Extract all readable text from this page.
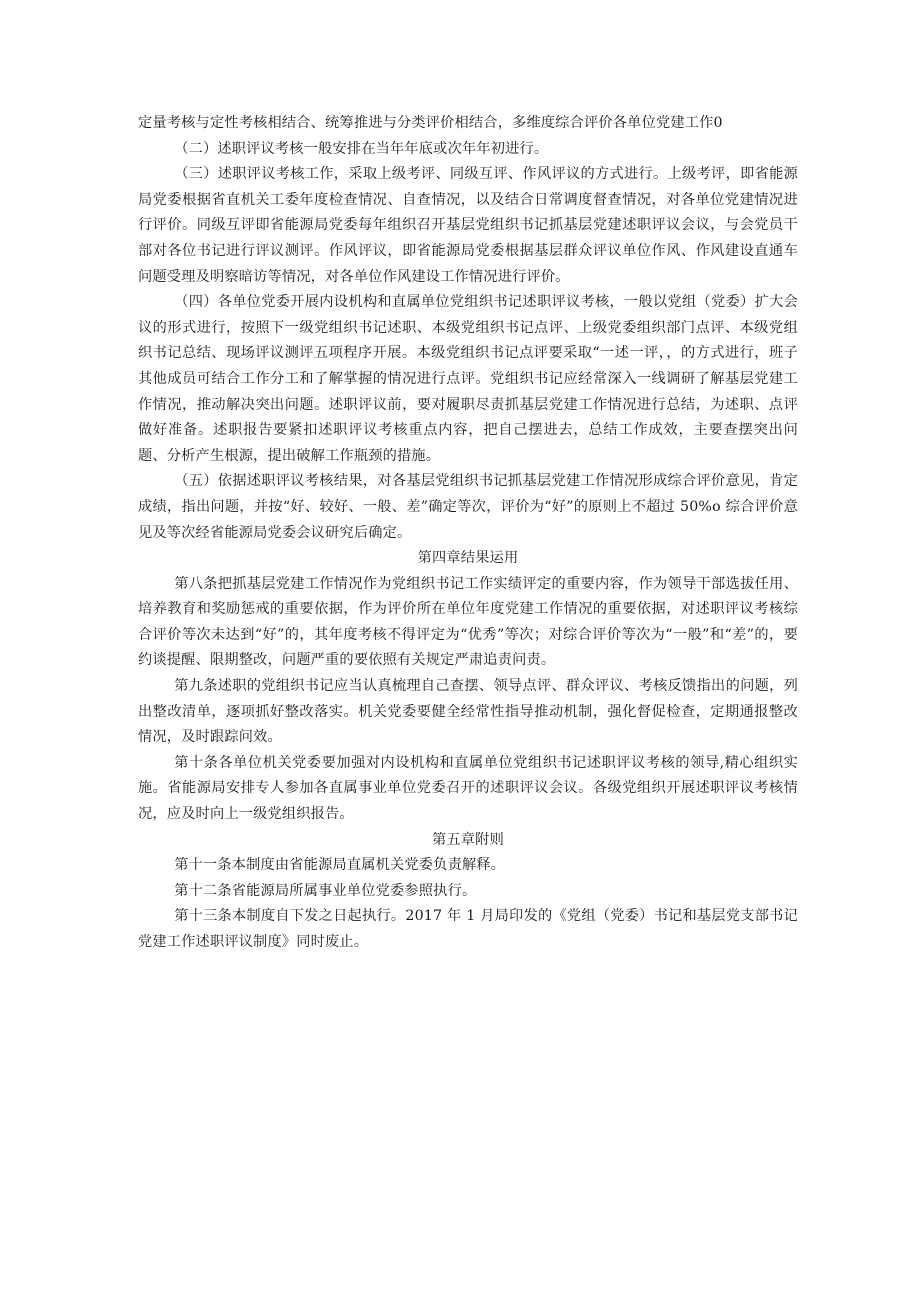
定量考核与定性考核相结合、统筹推进与分类评价相结合，多维度综合评价各单位党建工作0

（二）述职评议考核一般安排在当年年底或次年年初进行。

（三）述职评议考核工作，采取上级考评、同级互评、作风评议的方式进行。上级考评，即省能源局党委根据省直机关工委年度检查情况、自查情况，以及结合日常调度督查情况，对各单位党建情况进行评价。同级互评即省能源局党委每年组织召开基层党组织书记抓基层党建述职评议会议，与会党员干部对各位书记进行评议测评。作风评议，即省能源局党委根据基层群众评议单位作风、作风建设直通车问题受理及明察暗访等情况，对各单位作风建设工作情况进行评价。

（四）各单位党委开展内设机构和直属单位党组织书记述职评议考核，一般以党组（党委）扩大会议的形式进行，按照下一级党组织书记述职、本级党组织书记点评、上级党委组织部门点评、本级党组织书记总结、现场评议测评五项程序开展。本级党组织书记点评要采取“一述一评，，的方式进行，班子其他成员可结合工作分工和了解掌握的情况进行点评。党组织书记应经常深入一线调研了解基层党建工作情况，推动解决突出问题。述职评议前，要对履职尽责抓基层党建工作情况进行总结，为述职、点评做好准备。述职报告要紧扣述职评议考核重点内容，把自己摆进去，总结工作成效，主要查摆突出问题、分析产生根源，提出破解工作瓶颈的措施。

（五）依据述职评议考核结果，对各基层党组织书记抓基层党建工作情况形成综合评价意见，肯定成绩，指出问题，并按“好、较好、一般、差”确定等次，评价为“好”的原则上不超过 50%o 综合评价意见及等次经省能源局党委会议研究后确定。

第四章结果运用

第八条把抓基层党建工作情况作为党组织书记工作实绩评定的重要内容，作为领导干部选拔任用、培养教育和奖励惩戒的重要依据，作为评价所在单位年度党建工作情况的重要依据，对述职评议考核综合评价等次未达到“好”的，其年度考核不得评定为“优秀”等次；对综合评价等次为“一般”和“差”的，要约谈提醒、限期整改，问题严重的要依照有关规定严肃追责问责。

第九条述职的党组织书记应当认真梳理自己查摆、领导点评、群众评议、考核反馈指出的问题，列出整改清单，逐项抓好整改落实。机关党委要健全经常性指导推动机制，强化督促检查，定期通报整改情况，及时跟踪问效。

第十条各单位机关党委要加强对内设机构和直属单位党组织书记述职评议考核的领导,精心组织实施。省能源局安排专人参加各直属事业单位党委召开的述职评议会议。各级党组织开展述职评议考核情况，应及时向上一级党组织报告。

第五章附则

第十一条本制度由省能源局直属机关党委负责解释。

第十二条省能源局所属事业单位党委参照执行。

第十三条本制度自下发之日起执行。2017 年 1 月局印发的《党组（党委）书记和基层党支部书记党建工作述职评议制度》同时废止。
